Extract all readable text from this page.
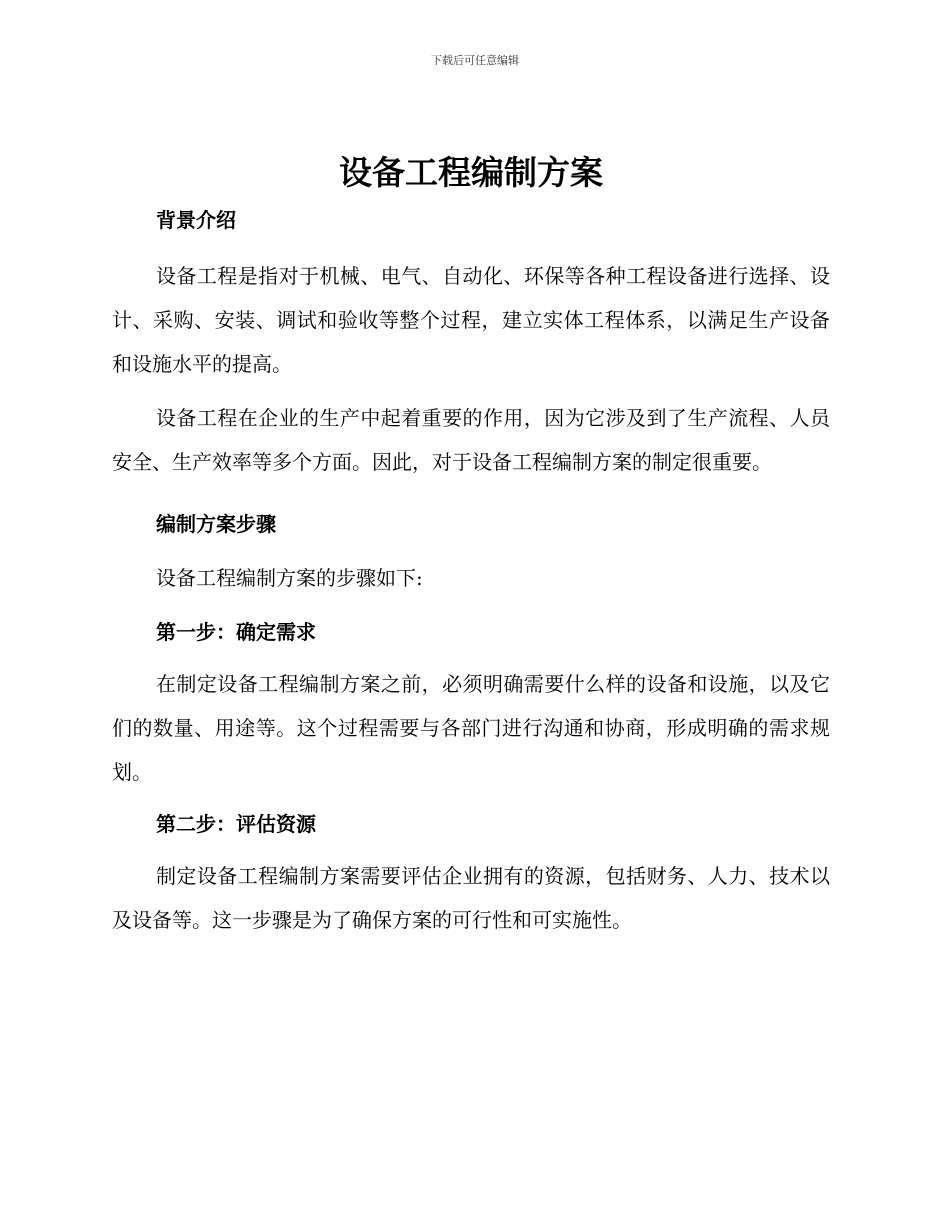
下载后可任意编辑
设备工程编制方案
背景介绍

设备工程是指对于机械、电气、自动化、环保等各种工程设备进行选择、设计、采购、安装、调试和验收等整个过程，建立实体工程体系，以满足生产设备和设施水平的提高。

设备工程在企业的生产中起着重要的作用，因为它涉及到了生产流程、人员安全、生产效率等多个方面。因此，对于设备工程编制方案的制定很重要。

编制方案步骤

设备工程编制方案的步骤如下:

第一步：确定需求

在制定设备工程编制方案之前，必须明确需要什么样的设备和设施，以及它们的数量、用途等。这个过程需要与各部门进行沟通和协商，形成明确的需求规划。

第二步：评估资源

制定设备工程编制方案需要评估企业拥有的资源，包括财务、人力、技术以及设备等。这一步骤是为了确保方案的可行性和可实施性。
